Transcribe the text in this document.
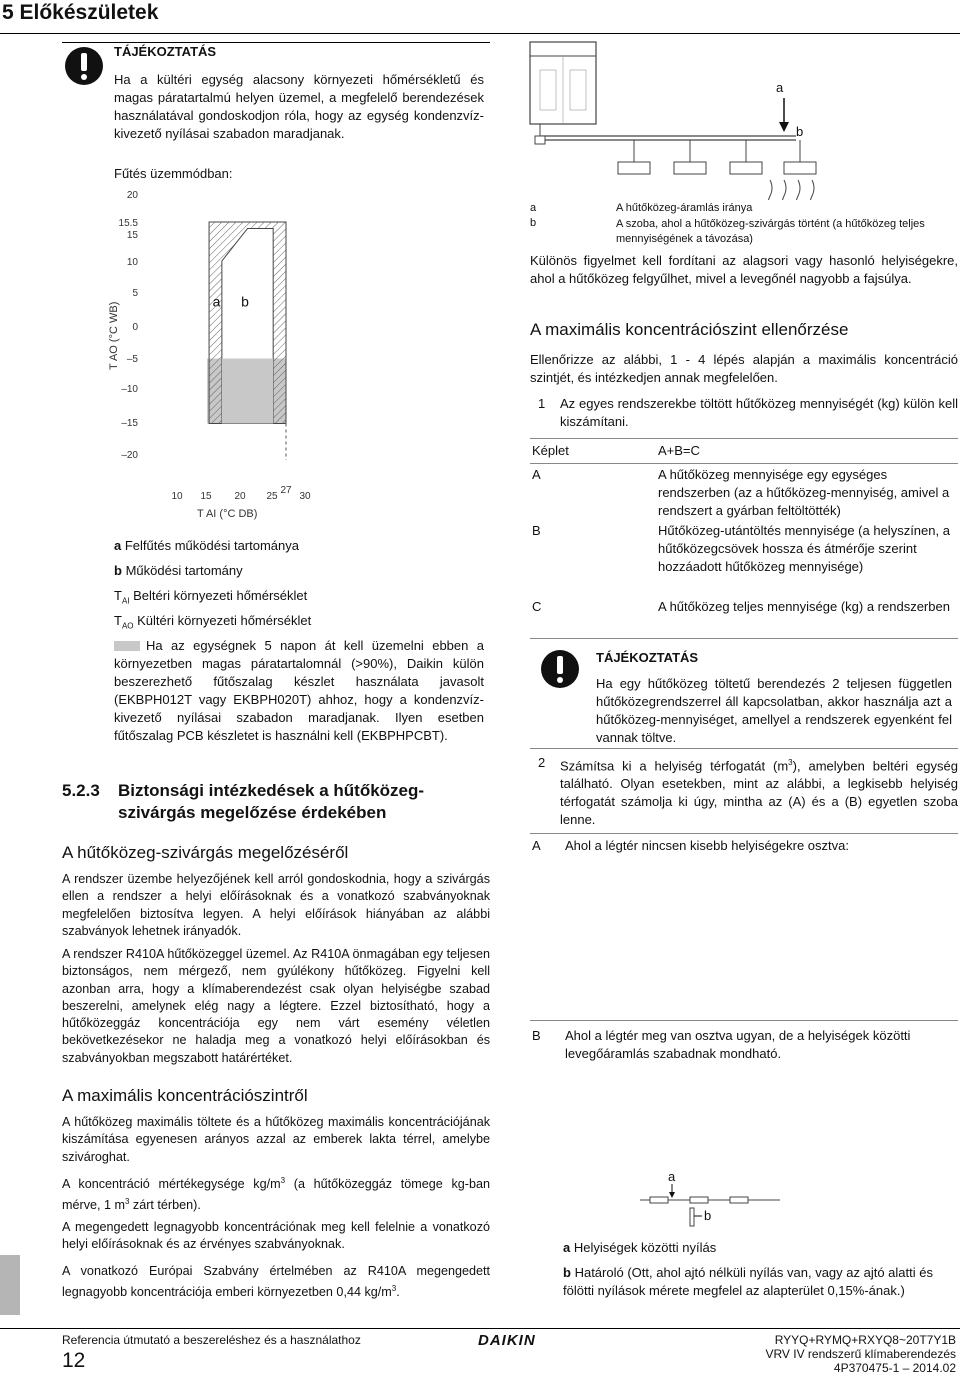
5 Előkészületek
TÁJÉKOZTATÁS
Ha a kültéri egység alacsony környezeti hőmérsékletű és magas páratartalmú helyen üzemel, a megfelelő berendezések használatával gondoskodjon róla, hogy az egység kondenzvíz-kivezető nyílásai szabadon maradjanak.
Fűtés üzemmódban:
20
15.5
15
10
5
0
–5
–10
–15
–20
10 15 20 25
27
30
a b
T AO (°C WB)
T AI (°C DB)
a Felfűtés működési tartománya
b Működési tartomány
$T_{AI}$ Beltéri környezeti hőmérséklet
$T_{AO}$ Kültéri környezeti hőmérséklet
Ha az egységnek 5 napon át kell üzemelni ebben a környezetben magas páratartalomnál (>90%), Daikin külön beszerezhető fűtőszalag készlet használata javasolt (EKBPH012T vagy EKBPH020T) ahhoz, hogy a kondenzvíz-kivezető nyílásai szabadon maradjanak. Ilyen esetben fűtőszalag PCB készletet is használni kell (EKBPHPCBT).
5.2.3 Biztonsági intézkedések a hűtőközeg-
szivárgás megelőzése érdekében
A hűtőközeg-szivárgás megelőzéséről
A rendszer üzembe helyezőjének kell arról gondoskodnia, hogy a szivárgás ellen a rendszer a helyi előírásoknak és a vonatkozó szabványoknak megfelelően biztosítva legyen. A helyi előírások hiányában az alábbi szabványok lehetnek irányadók.
A rendszer R410A hűtőközeggel üzemel. Az R410A önmagában egy teljesen biztonságos, nem mérgező, nem gyúlékony hűtőközeg. Figyelni kell azonban arra, hogy a klímaberendezést csak olyan helyiségbe szabad beszerelni, amelynek elég nagy a légtere. Ezzel biztosítható, hogy a hűtőközeggáz koncentrációja egy nem várt esemény véletlen bekövetkezésekor ne haladja meg a vonatkozó helyi előírásokban és szabványokban megszabott határértéket.
A maximális koncentrációszintről
A hűtőközeg maximális töltete és a hűtőközeg maximális koncentrációjának kiszámítása egyenesen arányos azzal az emberek lakta térrel, amelybe szivároghat.
A koncentráció mértékegysége $kg/m^3$ (a hűtőközeggáz tömege kg-ban mérve, 1 $m^3$ zárt térben).
A megengedett legnagyobb koncentrációnak meg kell felelnie a vonatkozó helyi előírásoknak és az érvényes szabványoknak.
A vonatkozó Európai Szabvány értelmében az R410A megengedett legnagyobb koncentrációja emberi környezetben 0,44 $kg/m^3$.
a
b
a	A hűtőközeg-áramlás iránya
b	A szoba, ahol a hűtőközeg-szivárgás történt (a hűtőközeg teljes mennyiségének a távozása)
Különös figyelmet kell fordítani az alagsori vagy hasonló helyiségekre, ahol a hűtőközeg felgyűlhet, mivel a levegőnél nagyobb a fajsúlya.
A maximális koncentrációszint ellenőrzése
Ellenőrizze az alábbi, 1 - 4 lépés alapján a maximális koncentráció szintjét, és intézkedjen annak megfelelően.
1 Az egyes rendszerekbe töltött hűtőközeg mennyiségét (kg) külön kell kiszámítani.
Képlet	A+B=C
A	A hűtőközeg mennyisége egy egységes rendszerben (az a hűtőközeg-mennyiség, amivel a rendszert a gyárban feltöltötték)
B	Hűtőközeg-utántöltés mennyisége (a helyszínen, a hűtőközegcsövek hossza és átmérője szerint hozzáadott hűtőközeg mennyisége)
C	A hűtőközeg teljes mennyisége (kg) a rendszerben
TÁJÉKOZTATÁS
Ha egy hűtőközeg töltetű berendezés 2 teljesen független hűtőközegrendszerrel áll kapcsolatban, akkor használja azt a hűtőközeg-mennyiséget, amellyel a rendszerek egyenként fel vannak töltve.
2 Számítsa ki a helyiség térfogatát $(m^3)$, amelyben beltéri egység található. Olyan esetekben, mint az alábbi, a legkisebb helyiség térfogatát számolja ki úgy, mintha az (A) és a (B) egyetlen szoba lenne.
A Ahol a légtér nincsen kisebb helyiségekre osztva:
B Ahol a légtér meg van osztva ugyan, de a helyiségek közötti levegőáramlás szabadnak mondható.
a
b
a Helyiségek közötti nyílás
b Határoló (Ott, ahol ajtó nélküli nyílás van, vagy az ajtó alatti és fölötti nyílások mérete megfelel az alapterület 0,15%-ának.)
Referencia útmutató a beszereléshez és a használathoz
12
DAIKIN	RYYQ+RYMQ+RXYQ8~20T7Y1B
VRV IV rendszerű klímaberendezés
4P370475-1 – 2014.02
